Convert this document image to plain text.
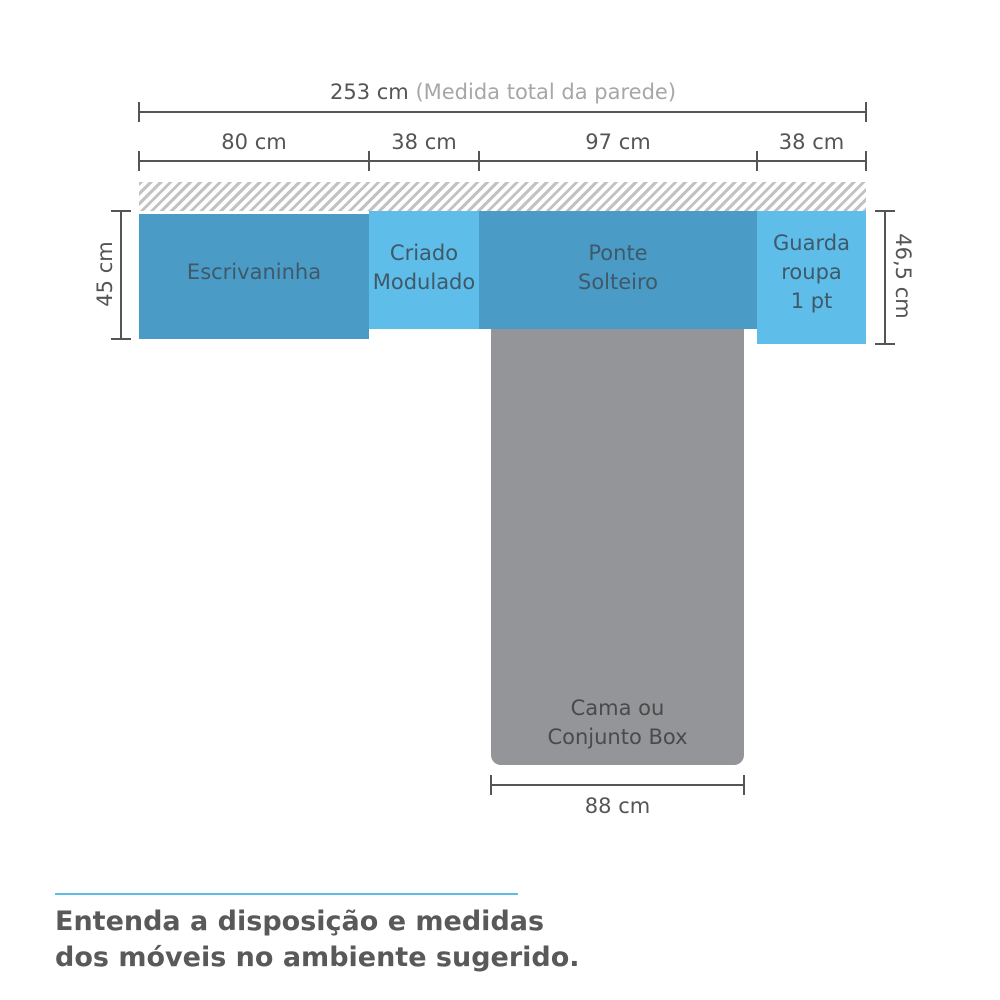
253 cm (Medida total da parede)
80 cm	38 cm	97 cm	38 cm
Escrivaninha
Criado
Modulado
Ponte
Solteiro
Guarda
roupa
1 pt
Cama ou
Conjunto Box
88 cm
45 cm	46,5 cm
Entenda a disposição e medidas
dos móveis no ambiente sugerido.
